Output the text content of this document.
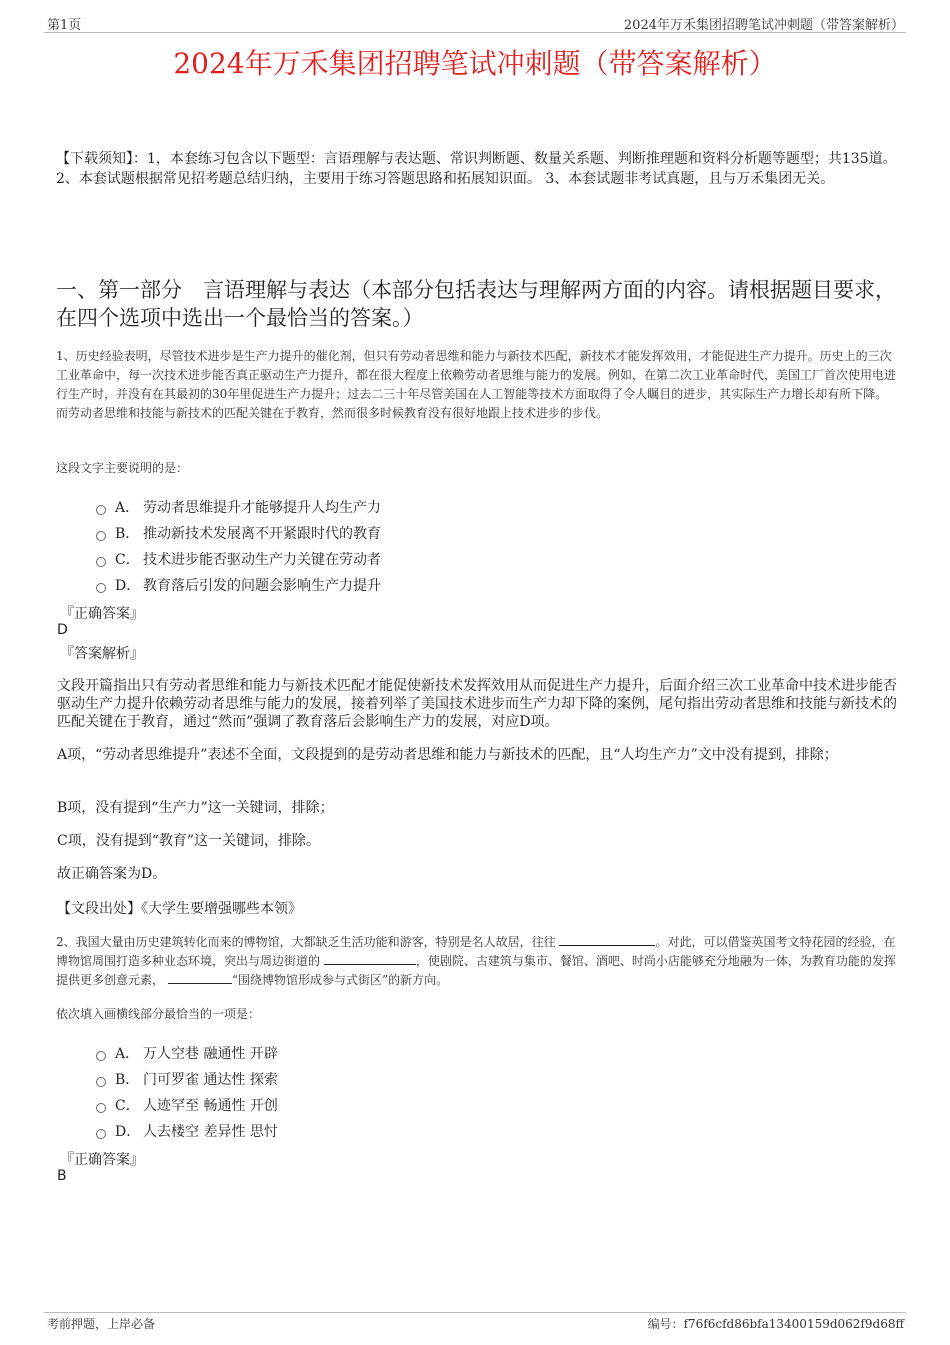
第1页	2024年万禾集团招聘笔试冲刺题（带答案解析）
2024年万禾集团招聘笔试冲刺题（带答案解析）
【下载须知】：1，本套练习包含以下题型：言语理解与表达题、常识判断题、数量关系题、判断推理题和资料分析题等题型；共135道。 2、本套试题根据常见招考题总结归纳，主要用于练习答题思路和拓展知识面。 3、本套试题非考试真题，且与万禾集团无关。
一、第一部分　言语理解与表达（本部分包括表达与理解两方面的内容。请根据题目要求，在四个选项中选出一个最恰当的答案。）
1、历史经验表明，尽管技术进步是生产力提升的催化剂，但只有劳动者思维和能力与新技术匹配，新技术才能发挥效用，才能促进生产力提升。历史上的三次工业革命中，每一次技术进步能否真正驱动生产力提升，都在很大程度上依赖劳动者思维与能力的发展。例如，在第二次工业革命时代，美国工厂首次使用电进行生产时，并没有在其最初的30年里促进生产力提升；过去二三十年尽管美国在人工智能等技术方面取得了令人瞩目的进步，其实际生产力增长却有所下降。而劳动者思维和技能与新技术的匹配关键在于教育，然而很多时候教育没有很好地跟上技术进步的步伐。
这段文字主要说明的是：
A． 劳动者思维提升才能够提升人均生产力
B． 推动新技术发展离不开紧跟时代的教育
C． 技术进步能否驱动生产力关键在劳动者
D． 教育落后引发的问题会影响生产力提升
『正确答案』
D
『答案解析』
文段开篇指出只有劳动者思维和能力与新技术匹配才能促使新技术发挥效用从而促进生产力提升，后面介绍三次工业革命中技术进步能否驱动生产力提升依赖劳动者思维与能力的发展，接着列举了美国技术进步而生产力却下降的案例，尾句指出劳动者思维和技能与新技术的匹配关键在于教育，通过“然而”强调了教育落后会影响生产力的发展，对应D项。
A项，“劳动者思维提升”表述不全面，文段提到的是劳动者思维和能力与新技术的匹配，且“人均生产力”文中没有提到，排除；
B项，没有提到“生产力”这一关键词，排除；
C项，没有提到“教育”这一关键词，排除。
故正确答案为D。
【文段出处】《大学生要增强哪些本领》
2、我国大量由历史建筑转化而来的博物馆，大都缺乏生活功能和游客，特别是名人故居，往往	。对此，可以借鉴英国考文特花园的经验，在博物馆周围打造多种业态环境，突出与周边街道的	，使剧院、古建筑与集市、餐馆、酒吧、时尚小店能够充分地融为一体，为教育功能的发挥提供更多创意元素，	“围绕博物馆形成参与式街区”的新方向。
依次填入画横线部分最恰当的一项是：
A． 万人空巷 融通性 开辟
B． 门可罗雀 通达性 探索
C． 人迹罕至 畅通性 开创
D． 人去楼空 差异性 思忖
『正确答案』
B
考前押题，上岸必备	编号：f76f6cfd86bfa13400159d062f9d68ff
